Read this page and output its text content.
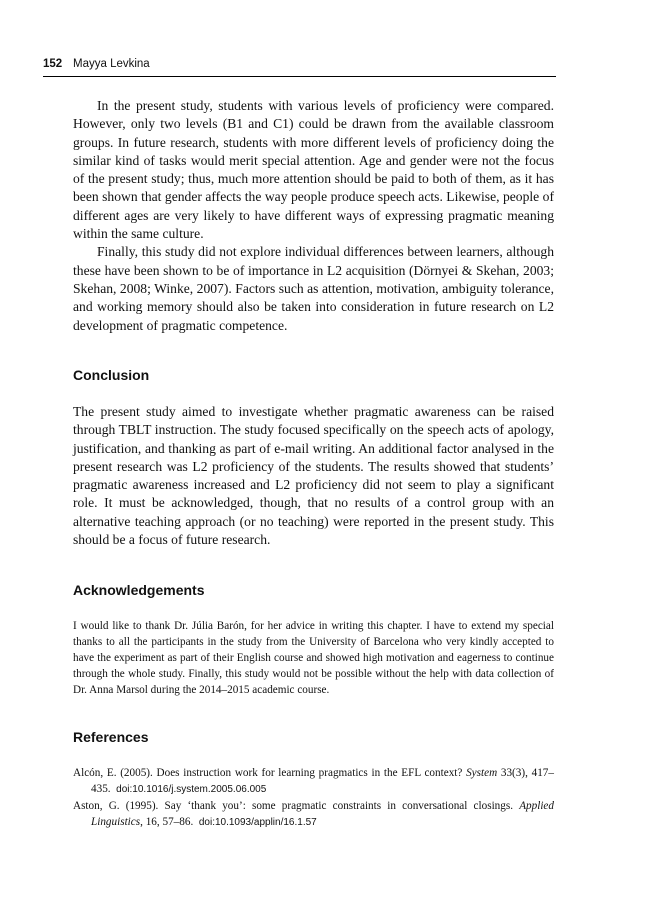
152 Mayya Levkina

In the present study, students with various levels of proficiency were compared. However, only two levels (B1 and C1) could be drawn from the available classroom groups. In future research, students with more different levels of proficiency doing the similar kind of tasks would merit special attention. Age and gender were not the focus of the present study; thus, much more attention should be paid to both of them, as it has been shown that gender affects the way people produce speech acts. Likewise, people of different ages are very likely to have different ways of expressing pragmatic meaning within the same culture.

Finally, this study did not explore individual differences between learners, although these have been shown to be of importance in L2 acquisition (Dörnyei & Skehan, 2003; Skehan, 2008; Winke, 2007). Factors such as attention, motivation, ambiguity tolerance, and working memory should also be taken into consideration in future research on L2 development of pragmatic competence.

Conclusion

The present study aimed to investigate whether pragmatic awareness can be raised through TBLT instruction. The study focused specifically on the speech acts of apology, justification, and thanking as part of e-mail writing. An additional factor analysed in the present research was L2 proficiency of the students. The results showed that students’ pragmatic awareness increased and L2 proficiency did not seem to play a significant role. It must be acknowledged, though, that no results of a control group with an alternative teaching approach (or no teaching) were reported in the present study. This should be a focus of future research.

Acknowledgements
I would like to thank Dr. Júlia Barón, for her advice in writing this chapter. I have to extend my special thanks to all the participants in the study from the University of Barcelona who very kindly accepted to have the experiment as part of their English course and showed high motivation and eagerness to continue through the whole study. Finally, this study would not be possible without the help with data collection of Dr. Anna Marsol during the 2014–2015 academic course.
References
Alcón, E. (2005). Does instruction work for learning pragmatics in the EFL context? System 33(3), 417–435. doi:10.1016/j.system.2005.06.005
Aston, G. (1995). Say ‘thank you’: some pragmatic constraints in conversational closings. Applied Linguistics, 16, 57–86. doi:10.1093/applin/16.1.57
